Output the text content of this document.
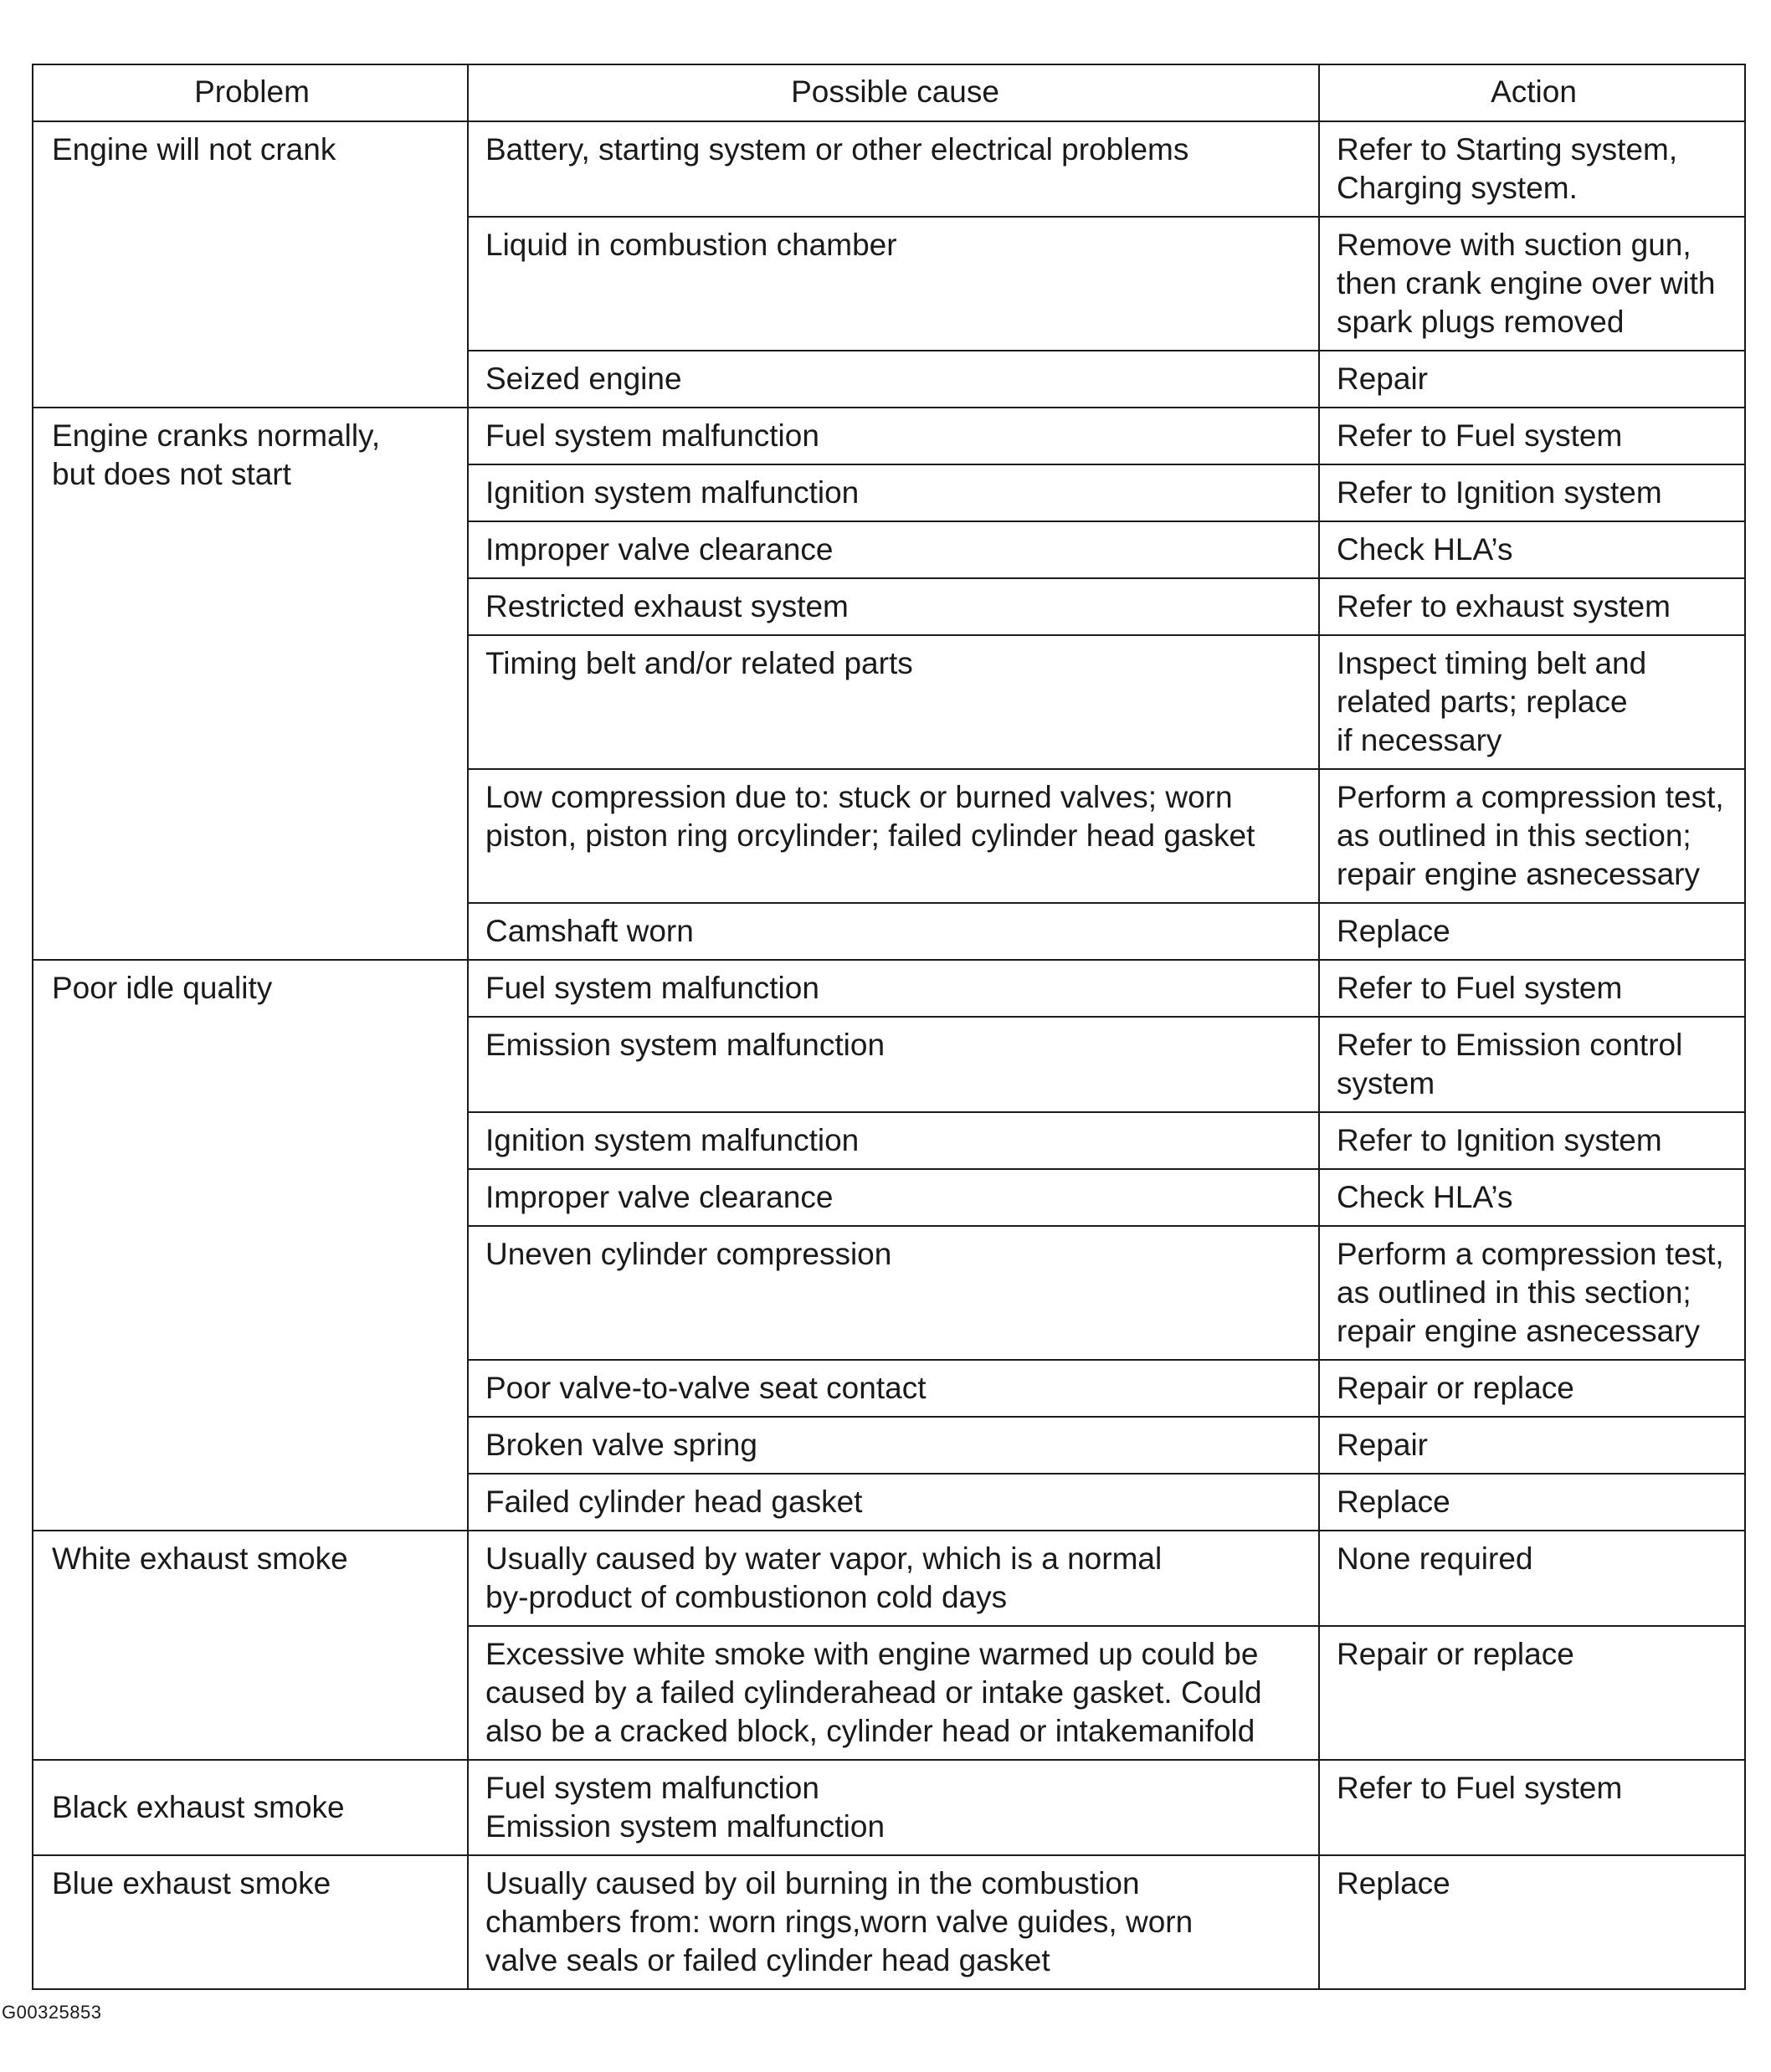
Problem	Possible cause	Action

Engine will not crank	Battery, starting system or other electrical problems	Refer to Starting system,
Charging system.

	Liquid in combustion chamber	Remove with suction gun,
then crank engine over with
spark plugs removed

	Seized engine	Repair

Engine cranks normally,
but does not start	Fuel system malfunction	Refer to Fuel system

	Ignition system malfunction	Refer to Ignition system

	Improper valve clearance	Check HLA’s

	Restricted exhaust system	Refer to exhaust system

	Timing belt and/or related parts	Inspect timing belt and
related parts; replace
if necessary

	Low compression due to: stuck or burned valves; worn
piston, piston ring orcylinder; failed cylinder head gasket	Perform a compression test,
as outlined in this section;
repair engine asnecessary

	Camshaft worn	Replace

Poor idle quality	Fuel system malfunction	Refer to Fuel system

	Emission system malfunction	Refer to Emission control
system

	Ignition system malfunction	Refer to Ignition system

	Improper valve clearance	Check HLA’s

	Uneven cylinder compression	Perform a compression test,
as outlined in this section;
repair engine asnecessary

	Poor valve-to-valve seat contact	Repair or replace

	Broken valve spring	Repair

	Failed cylinder head gasket	Replace

White exhaust smoke	Usually caused by water vapor, which is a normal
by-product of combustionon cold days	None required

	Excessive white smoke with engine warmed up could be
caused by a failed cylinderahead or intake gasket. Could
also be a cracked block, cylinder head or intakemanifold	Repair or replace

Black exhaust smoke	Fuel system malfunction
Emission system malfunction	Refer to Fuel system

Blue exhaust smoke	Usually caused by oil burning in the combustion
chambers from: worn rings,worn valve guides, worn
valve seals or failed cylinder head gasket	Replace
G00325853
